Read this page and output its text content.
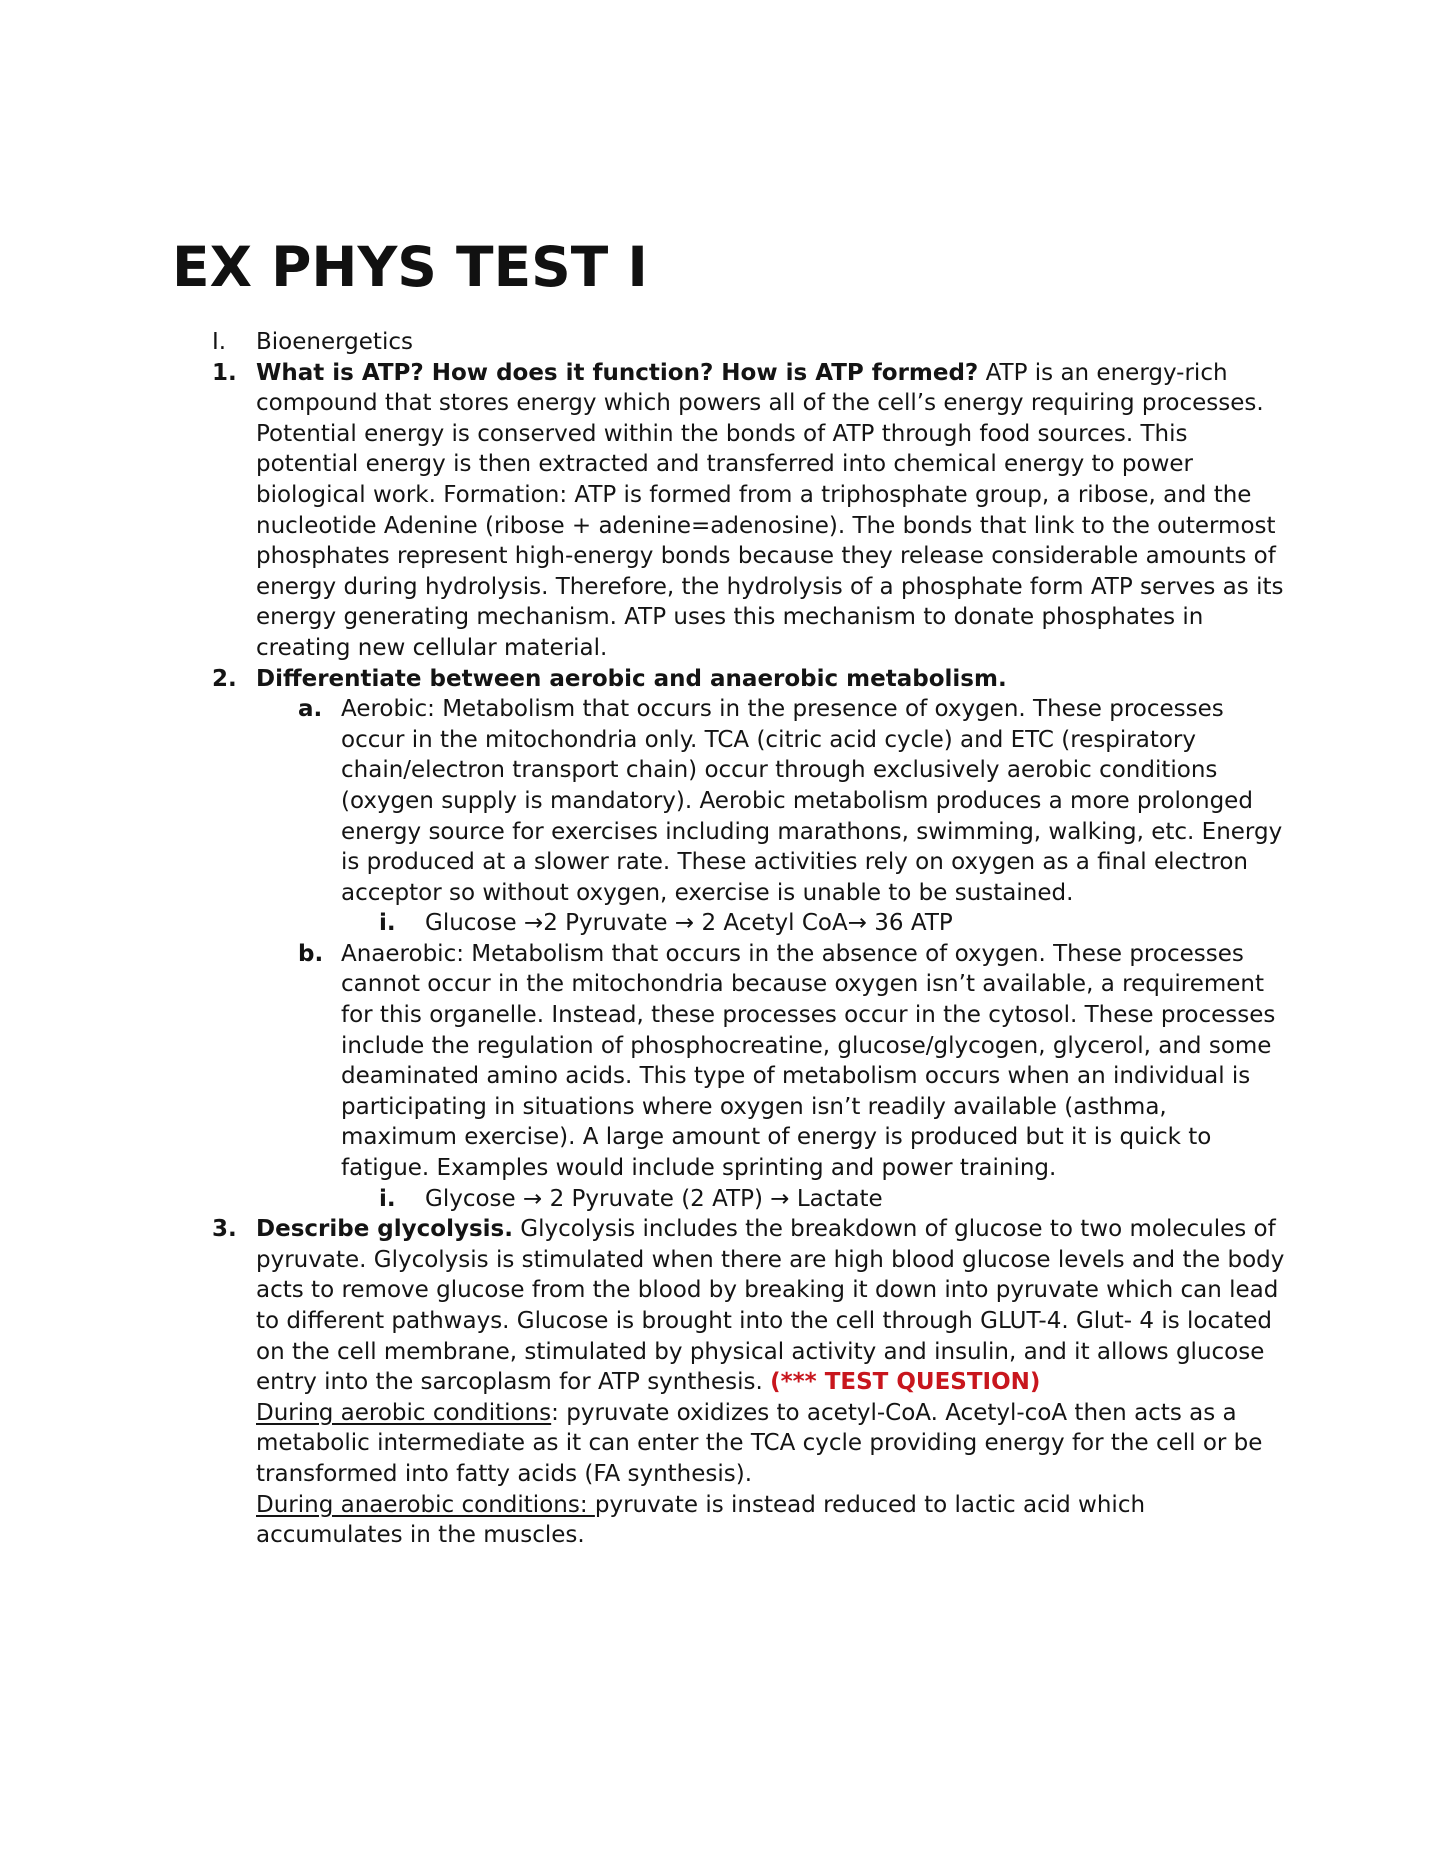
EX PHYS TEST I
I. Bioenergetics
1. What is ATP? How does it function? How is ATP formed? ATP is an energy-rich compound that stores energy which powers all of the cell’s energy requiring processes. Potential energy is conserved within the bonds of ATP through food sources. This potential energy is then extracted and transferred into chemical energy to power biological work. Formation: ATP is formed from a triphosphate group, a ribose, and the nucleotide Adenine (ribose + adenine=adenosine). The bonds that link to the outermost phosphates represent high-energy bonds because they release considerable amounts of energy during hydrolysis. Therefore, the hydrolysis of a phosphate form ATP serves as its energy generating mechanism. ATP uses this mechanism to donate phosphates in creating new cellular material.
2. Differentiate between aerobic and anaerobic metabolism.
a. Aerobic: Metabolism that occurs in the presence of oxygen. These processes occur in the mitochondria only. TCA (citric acid cycle) and ETC (respiratory chain/electron transport chain) occur through exclusively aerobic conditions (oxygen supply is mandatory). Aerobic metabolism produces a more prolonged energy source for exercises including marathons, swimming, walking, etc. Energy is produced at a slower rate. These activities rely on oxygen as a final electron acceptor so without oxygen, exercise is unable to be sustained.
i. Glucose →2 Pyruvate → 2 Acetyl CoA→ 36 ATP
b. Anaerobic: Metabolism that occurs in the absence of oxygen. These processes cannot occur in the mitochondria because oxygen isn’t available, a requirement for this organelle. Instead, these processes occur in the cytosol. These processes include the regulation of phosphocreatine, glucose/glycogen, glycerol, and some deaminated amino acids. This type of metabolism occurs when an individual is participating in situations where oxygen isn’t readily available (asthma, maximum exercise). A large amount of energy is produced but it is quick to fatigue. Examples would include sprinting and power training.
i. Glycose → 2 Pyruvate (2 ATP) → Lactate
3. Describe glycolysis. Glycolysis includes the breakdown of glucose to two molecules of pyruvate. Glycolysis is stimulated when there are high blood glucose levels and the body acts to remove glucose from the blood by breaking it down into pyruvate which can lead to different pathways. Glucose is brought into the cell through GLUT-4. Glut- 4 is located on the cell membrane, stimulated by physical activity and insulin, and it allows glucose entry into the sarcoplasm for ATP synthesis. (*** TEST QUESTION)
During aerobic conditions: pyruvate oxidizes to acetyl-CoA. Acetyl-coA then acts as a metabolic intermediate as it can enter the TCA cycle providing energy for the cell or be transformed into fatty acids (FA synthesis).
During anaerobic conditions: pyruvate is instead reduced to lactic acid which accumulates in the muscles.
